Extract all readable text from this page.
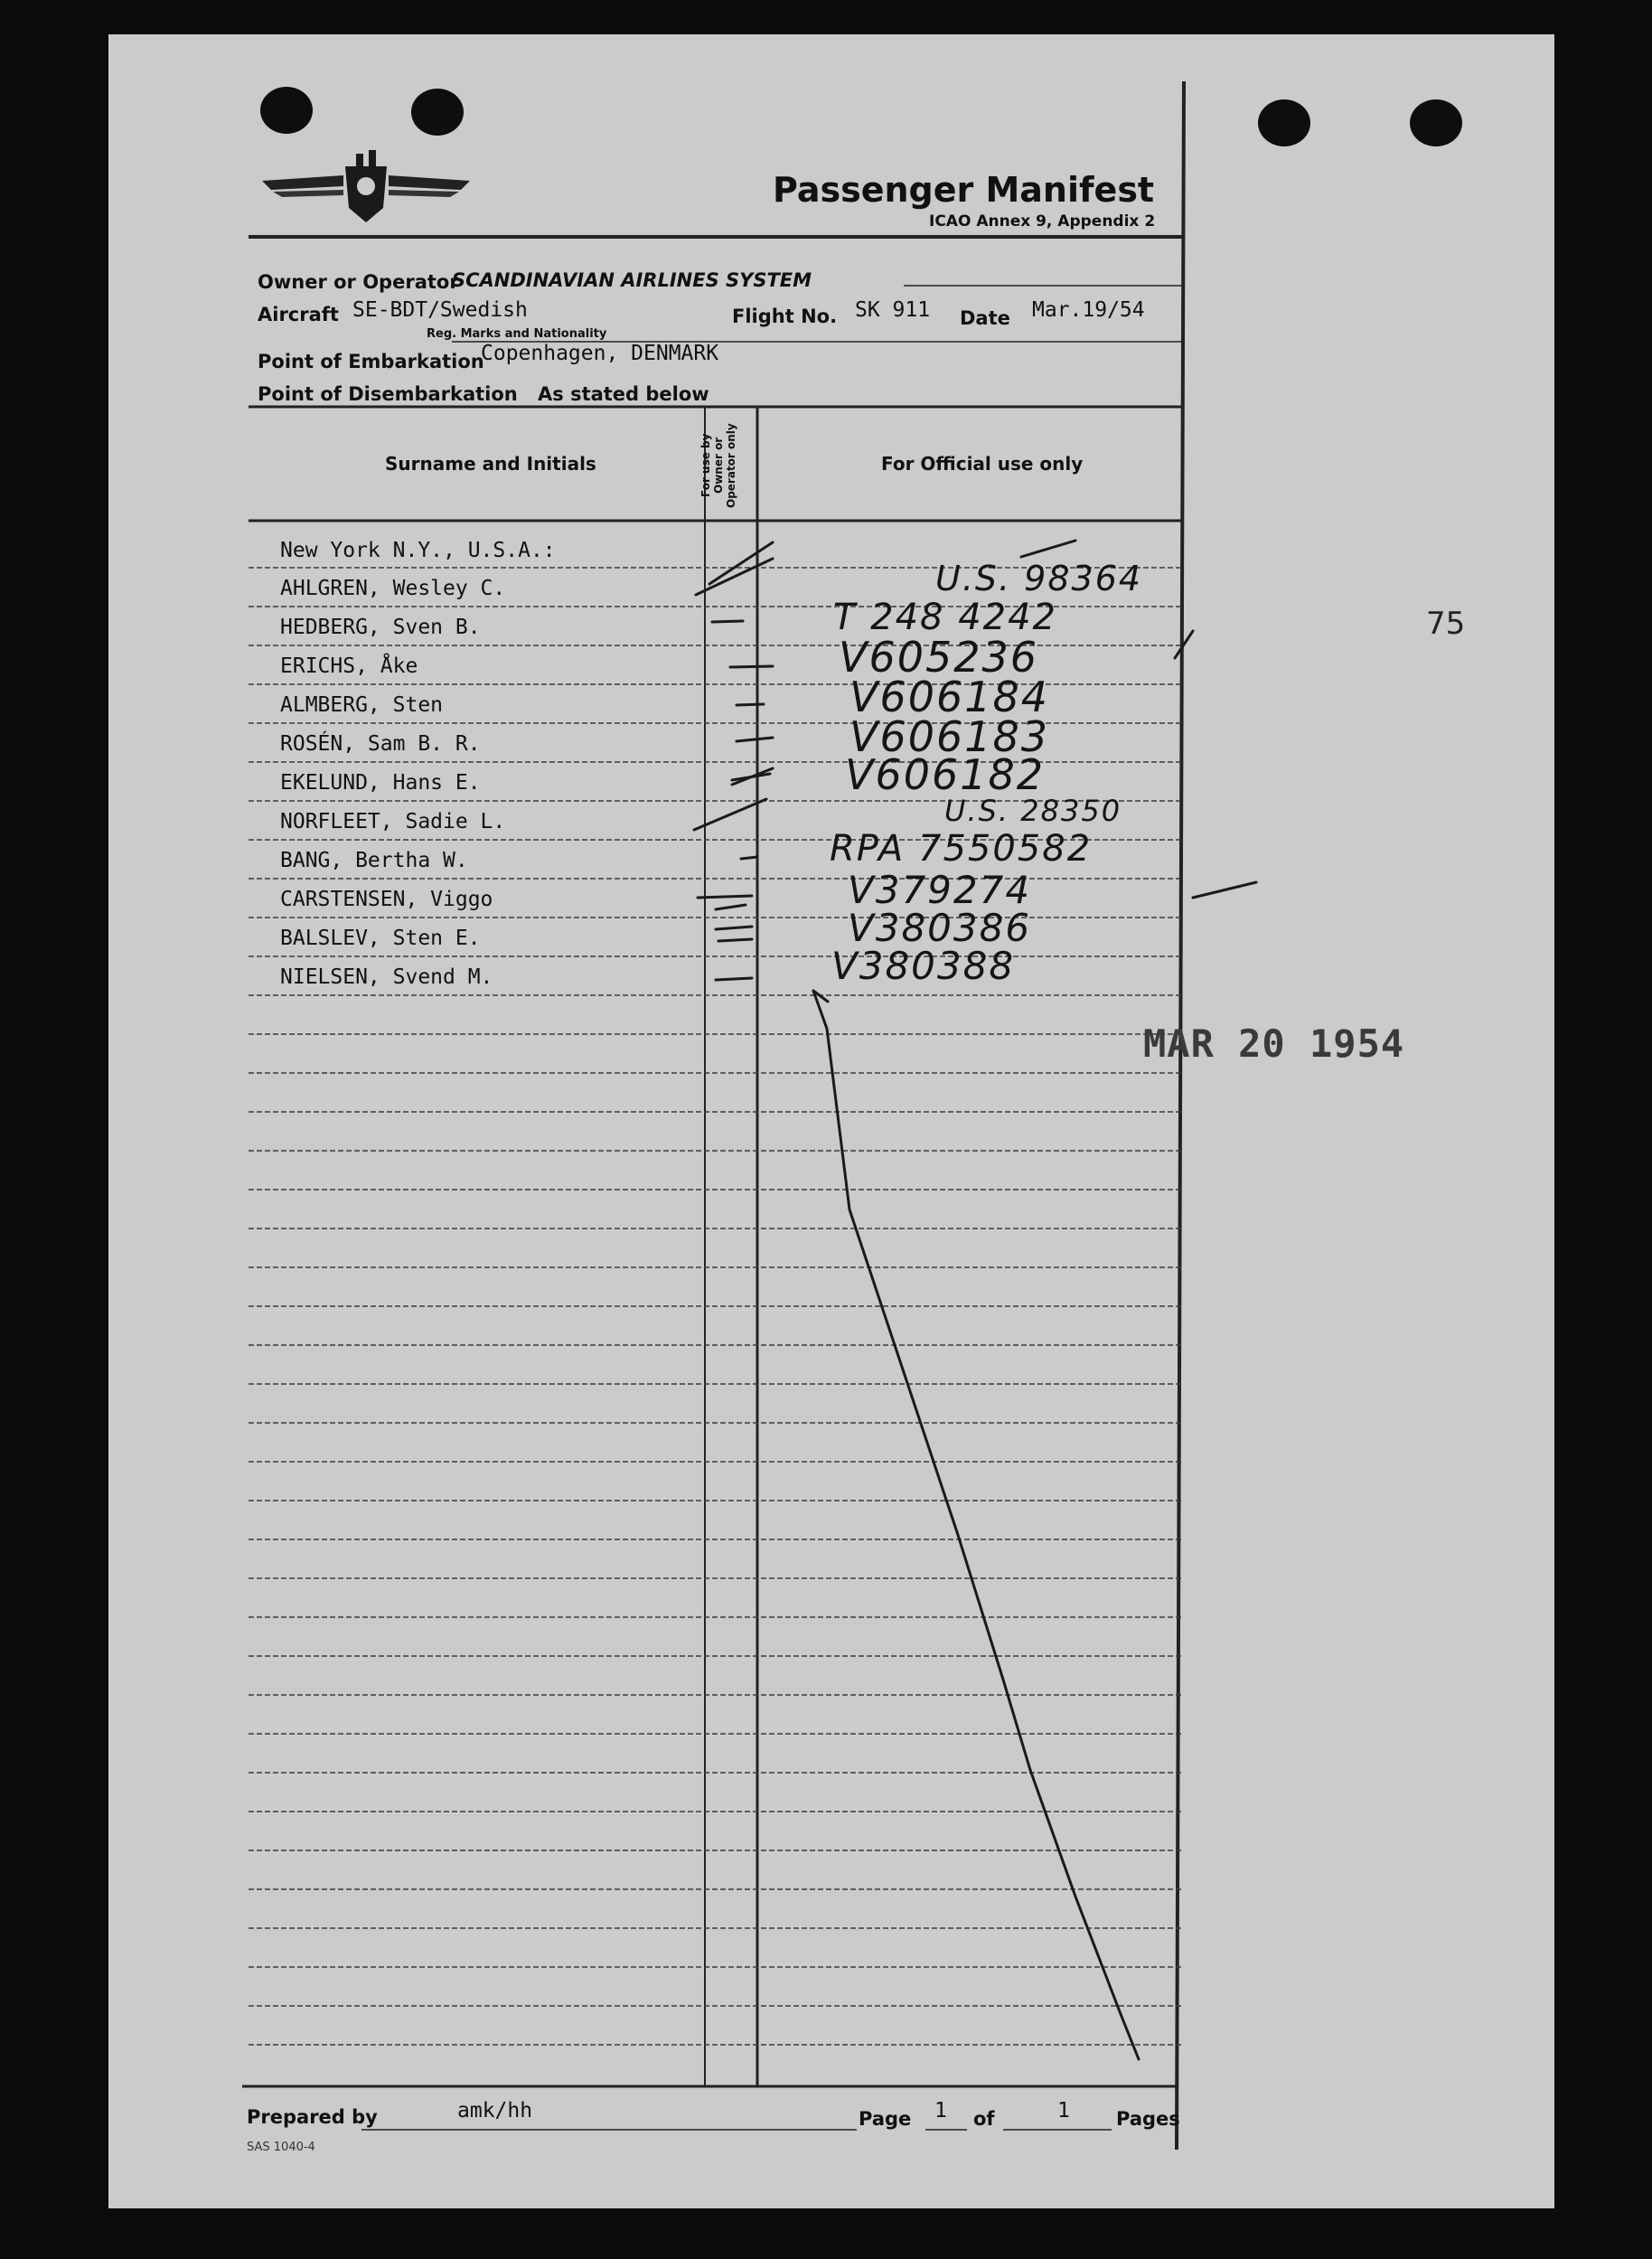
Passenger Manifest
ICAO Annex 9, Appendix 2
Owner or Operator
SCANDINAVIAN AIRLINES SYSTEM
Aircraft SE-BDT/Swedish
Reg. Marks and Nationality
Flight No. SK 911 Date Mar.19/54
Point of Embarkation
Copenhagen, DENMARK
Point of Disembarkation As stated below
Surname and Initials	For use by Owner or Operator only	For Official use only
New York N.Y., U.S.A.:
AHLGREN, Wesley C.	U.S. 98364
HEDBERG, Sven B.	T 248 4242
ERICHS, Åke	V605236
ALMBERG, Sten	V606184
ROSÉN, Sam B. R.	V606183
EKELUND, Hans E.	V606182
NORFLEET, Sadie L.	U.S. 28350
BANG, Bertha W.	RPA 7550582
CARSTENSEN, Viggo	V379274
BALSLEV, Sten E.	V380386
NIELSEN, Svend M.	V380388
MAR 20 1954
75
Prepared by	amk/hh	Page 1 of	1 Pages
SAS 1040-4
